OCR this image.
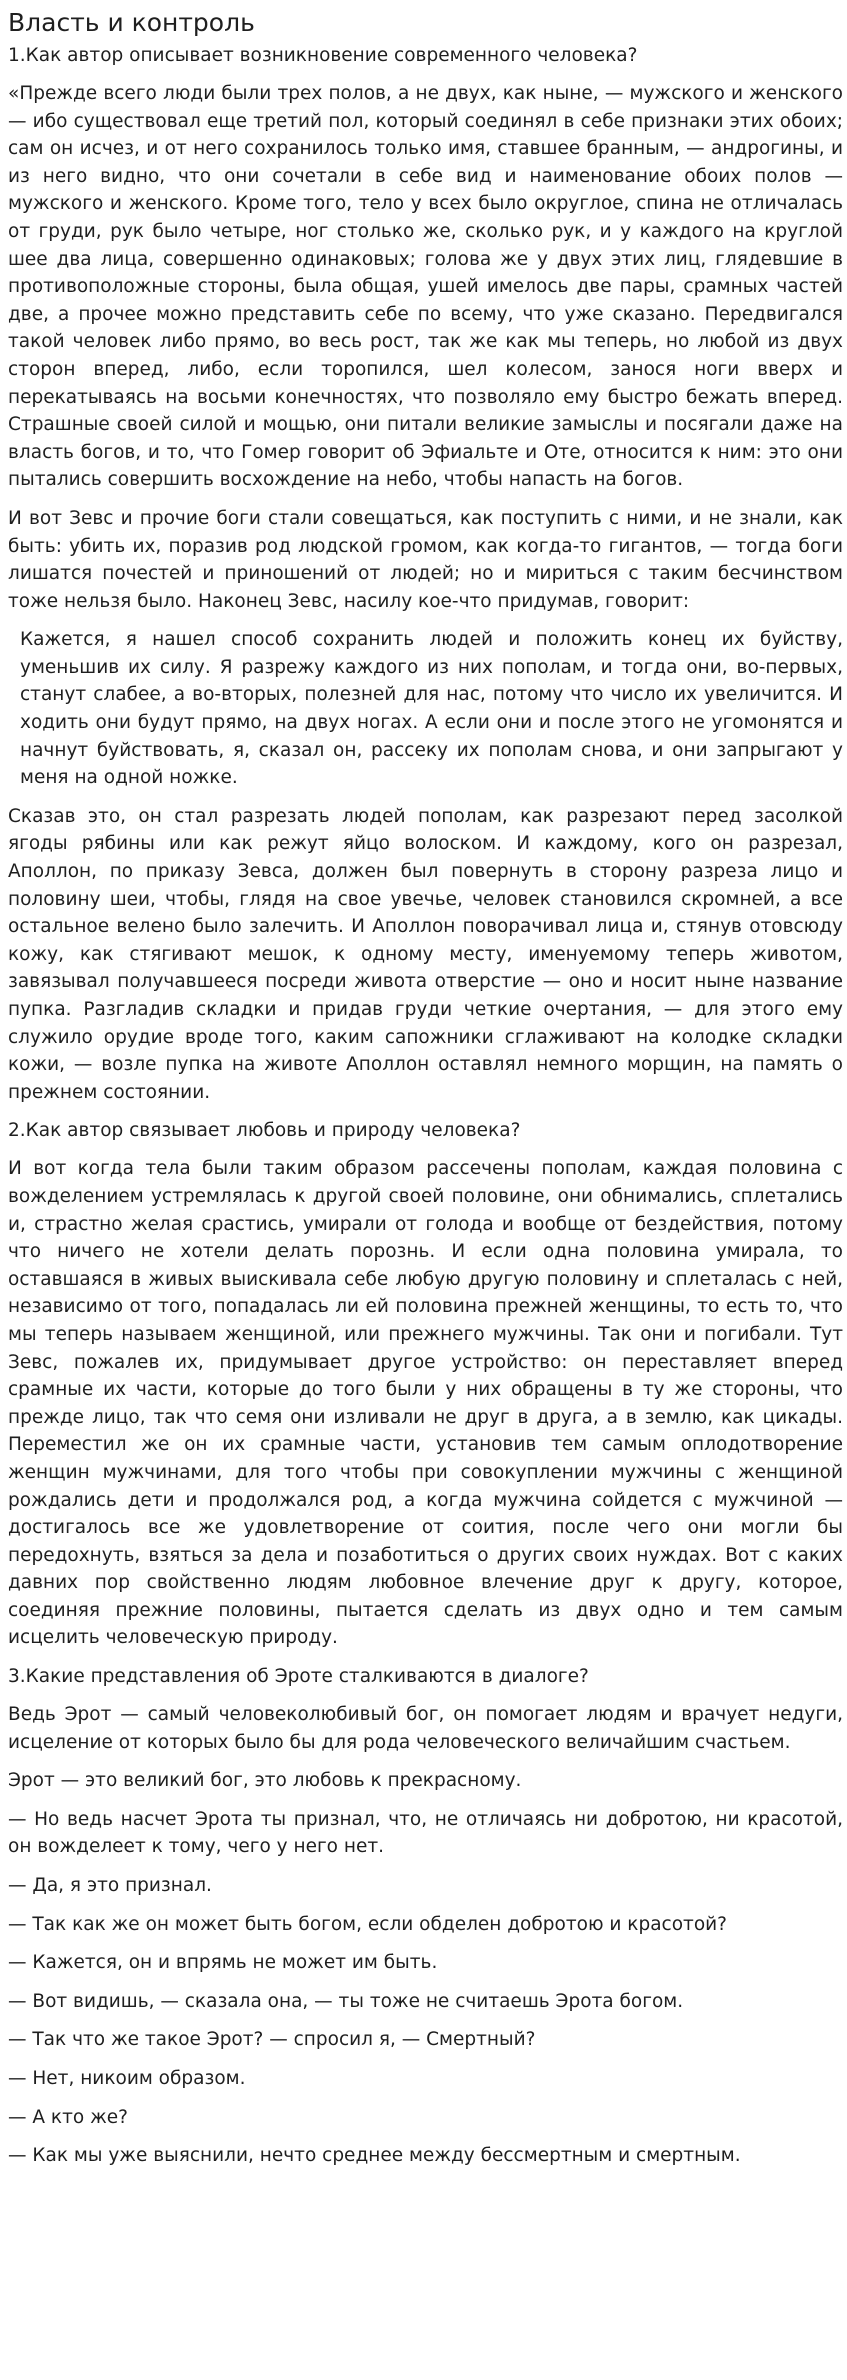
Власть и контроль
1.Как автор описывает возникновение современного человека?

«Прежде всего люди были трех полов, а не двух, как ныне, — мужского и женского — ибо существовал еще третий пол, который соединял в себе признаки этих обоих; сам он исчез, и от него сохранилось только имя, ставшее бранным, — андрогины, и из него видно, что они сочетали в себе вид и наименование обоих полов — мужского и женского. Кроме того, тело у всех было округлое, спина не отличалась от груди, рук было четыре, ног столько же, сколько рук, и у каждого на круглой шее два лица, совершенно одинаковых; голова же у двух этих лиц, глядевшие в противоположные стороны, была общая, ушей имелось две пары, срамных частей две, а прочее можно представить себе по всему, что уже сказано. Передвигался такой человек либо прямо, во весь рост, так же как мы теперь, но любой из двух сторон вперед, либо, если торопился, шел колесом, занося ноги вверх и перекатываясь на восьми конечностях, что позволяло ему быстро бежать вперед. Страшные своей силой и мощью, они питали великие замыслы и посягали даже на власть богов, и то, что Гомер говорит об Эфиальте и Оте, относится к ним: это они пытались совершить восхождение на небо, чтобы напасть на богов.

И вот Зевс и прочие боги стали совещаться, как поступить с ними, и не знали, как быть: убить их, поразив род людской громом, как когда-то гигантов, — тогда боги лишатся почестей и приношений от людей; но и мириться с таким бесчинством тоже нельзя было. Наконец Зевс, насилу кое-что придумав, говорит:

Кажется, я нашел способ сохранить людей и положить конец их буйству, уменьшив их силу. Я разрежу каждого из них пополам, и тогда они, во-первых, станут слабее, а во-вторых, полезней для нас, потому что число их увеличится. И ходить они будут прямо, на двух ногах. А если они и после этого не угомонятся и начнут буйствовать, я, сказал он, рассеку их пополам снова, и они запрыгают у меня на одной ножке.

Сказав это, он стал разрезать людей пополам, как разрезают перед засолкой ягоды рябины или как режут яйцо волоском. И каждому, кого он разрезал, Аполлон, по приказу Зевса, должен был повернуть в сторону разреза лицо и половину шеи, чтобы, глядя на свое увечье, человек становился скромней, а все остальное велено было залечить. И Аполлон поворачивал лица и, стянув отовсюду кожу, как стягивают мешок, к одному месту, именуемому теперь животом, завязывал получавшееся посреди живота отверстие — оно и носит ныне название пупка. Разгладив складки и придав груди четкие очертания, — для этого ему служило орудие вроде того, каким сапожники сглаживают на колодке складки кожи, — возле пупка на животе Аполлон оставлял немного морщин, на память о прежнем состоянии.

2.Как автор связывает любовь и природу человека?

И вот когда тела были таким образом рассечены пополам, каждая половина с вожделением устремлялась к другой своей половине, они обнимались, сплетались и, страстно желая срастись, умирали от голода и вообще от бездействия, потому что ничего не хотели делать порознь. И если одна половина умирала, то оставшаяся в живых выискивала себе любую другую половину и сплеталась с ней, независимо от того, попадалась ли ей половина прежней женщины, то есть то, что мы теперь называем женщиной, или прежнего мужчины. Так они и погибали. Тут Зевс, пожалев их, придумывает другое устройство: он переставляет вперед срамные их части, которые до того были у них обращены в ту же стороны, что прежде лицо, так что семя они изливали не друг в друга, а в землю, как цикады. Переместил же он их срамные части, установив тем самым оплодотворение женщин мужчинами, для того чтобы при совокуплении мужчины с женщиной рождались дети и продолжался род, а когда мужчина сойдется с мужчиной — достигалось все же удовлетворение от соития, после чего они могли бы передохнуть, взяться за дела и позаботиться о других своих нуждах. Вот с каких давних пор свойственно людям любовное влечение друг к другу, которое, соединяя прежние половины, пытается сделать из двух одно и тем самым исцелить человеческую природу.

3.Какие представления об Эроте сталкиваются в диалоге?

Ведь Эрот — самый человеколюбивый бог, он помогает людям и врачует недуги, исцеление от которых было бы для рода человеческого величайшим счастьем.

Эрот — это великий бог, это любовь к прекрасному.

— Но ведь насчет Эрота ты признал, что, не отличаясь ни добротою, ни красотой, он вожделеет к тому, чего у него нет.

— Да, я это признал.

— Так как же он может быть богом, если обделен добротою и красотой?

— Кажется, он и впрямь не может им быть.

— Вот видишь, — сказала она, — ты тоже не считаешь Эрота богом.

— Так что же такое Эрот? — спросил я, — Смертный?

— Нет, никоим образом.

— А кто же?

— Как мы уже выяснили, нечто среднее между бессмертным и смертным.
